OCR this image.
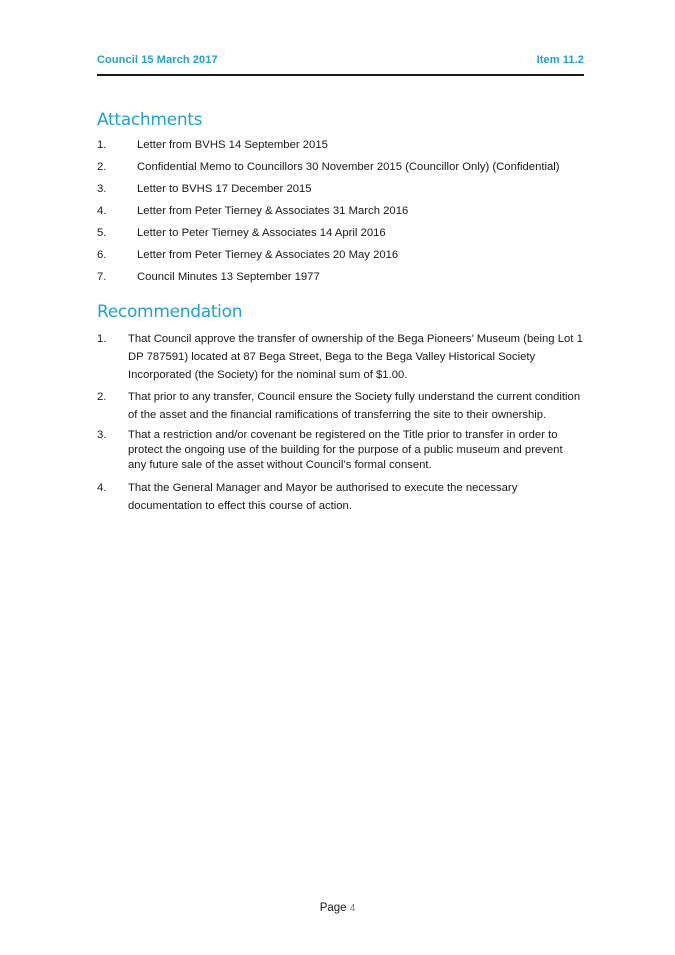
Council 15 March 2017	Item 11.2
Attachments
1.	Letter from BVHS 14 September 2015
2.	Confidential Memo to Councillors 30 November 2015 (Councillor Only) (Confidential)
3.	Letter to BVHS 17 December 2015
4.	Letter from Peter Tierney & Associates 31 March 2016
5.	Letter to Peter Tierney & Associates 14 April 2016
6.	Letter from Peter Tierney & Associates 20 May 2016
7.	Council Minutes 13 September 1977
Recommendation
1. That Council approve the transfer of ownership of the Bega Pioneers’ Museum (being Lot 1 DP 787591) located at 87 Bega Street, Bega to the Bega Valley Historical Society Incorporated (the Society) for the nominal sum of $1.00.
2. That prior to any transfer, Council ensure the Society fully understand the current condition of the asset and the financial ramifications of transferring the site to their ownership.
3. That a restriction and/or covenant be registered on the Title prior to transfer in order to protect the ongoing use of the building for the purpose of a public museum and prevent any future sale of the asset without Council’s formal consent.
4. That the General Manager and Mayor be authorised to execute the necessary documentation to effect this course of action.
Page 4
